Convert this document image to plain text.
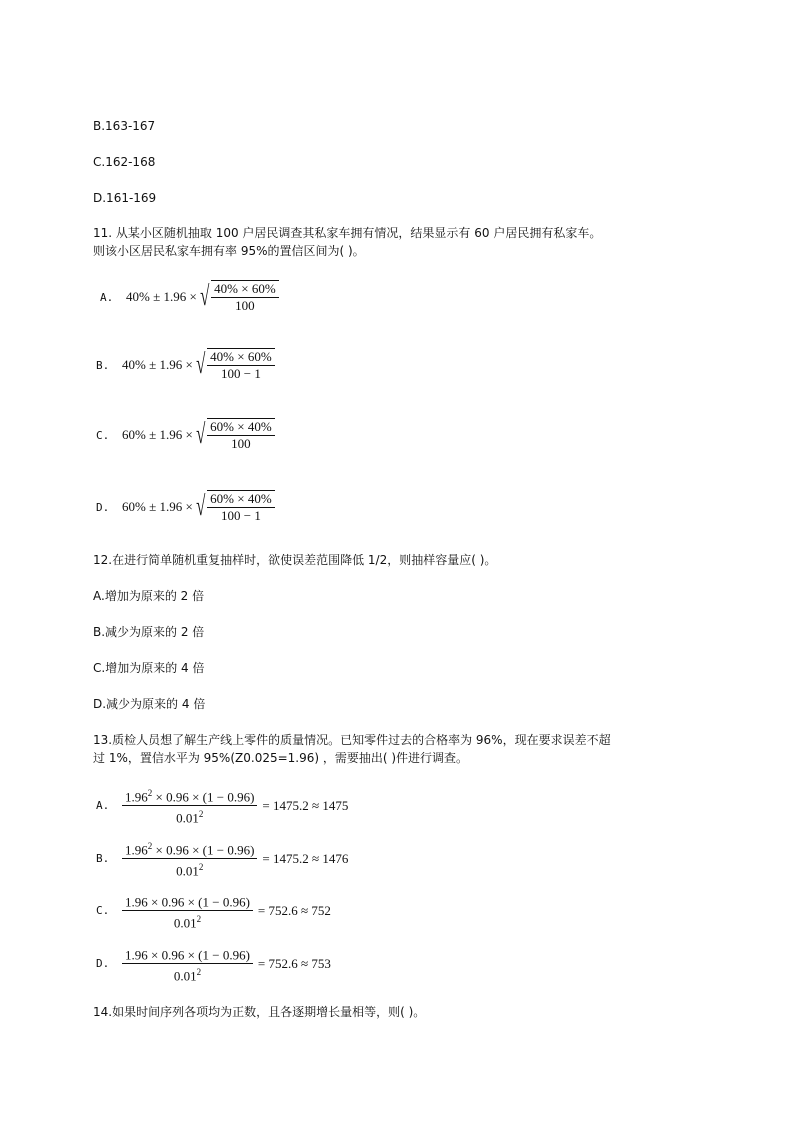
B.163-167
C.162-168
D.161-169
11. 从某小区随机抽取 100 户居民调查其私家车拥有情况，结果显示有 60 户居民拥有私家车。
则该小区居民私家车拥有率 95%的置信区间为( )。
A. 40% ± 1.96 × √ $\frac{40\% \times 60\%}{100}$
B. 40% ± 1.96 × √ $\frac{40\% \times 60\%}{100 - 1}$
C. 60% ± 1.96 × √ $\frac{60\% \times 40\%}{100}$
D. 60% ± 1.96 × √ $\frac{60\% \times 40\%}{100 - 1}$
12.在进行简单随机重复抽样时，欲使误差范围降低 1/2，则抽样容量应( )。
A.增加为原来的 2 倍
B.减少为原来的 2 倍
C.增加为原来的 4 倍
D.减少为原来的 4 倍
13.质检人员想了解生产线上零件的质量情况。已知零件过去的合格率为 96%，现在要求误差不超
过 1%，置信水平为 95%(Z0.025=1.96) ，需要抽出( )件进行调查。
A. $\frac{1.96^2 \times 0.96 \times (1 - 0.96)}{0.01^2} = 1475.2 \approx 1475$
B. $\frac{1.96^2 \times 0.96 \times (1 - 0.96)}{0.01^2} = 1475.2 \approx 1476$
C. $\frac{1.96 \times 0.96 \times (1 - 0.96)}{0.01^2} = 752.6 \approx 752$
D. $\frac{1.96 \times 0.96 \times (1 - 0.96)}{0.01^2} = 752.6 \approx 753$
14.如果时间序列各项均为正数，且各逐期增长量相等，则( )。
